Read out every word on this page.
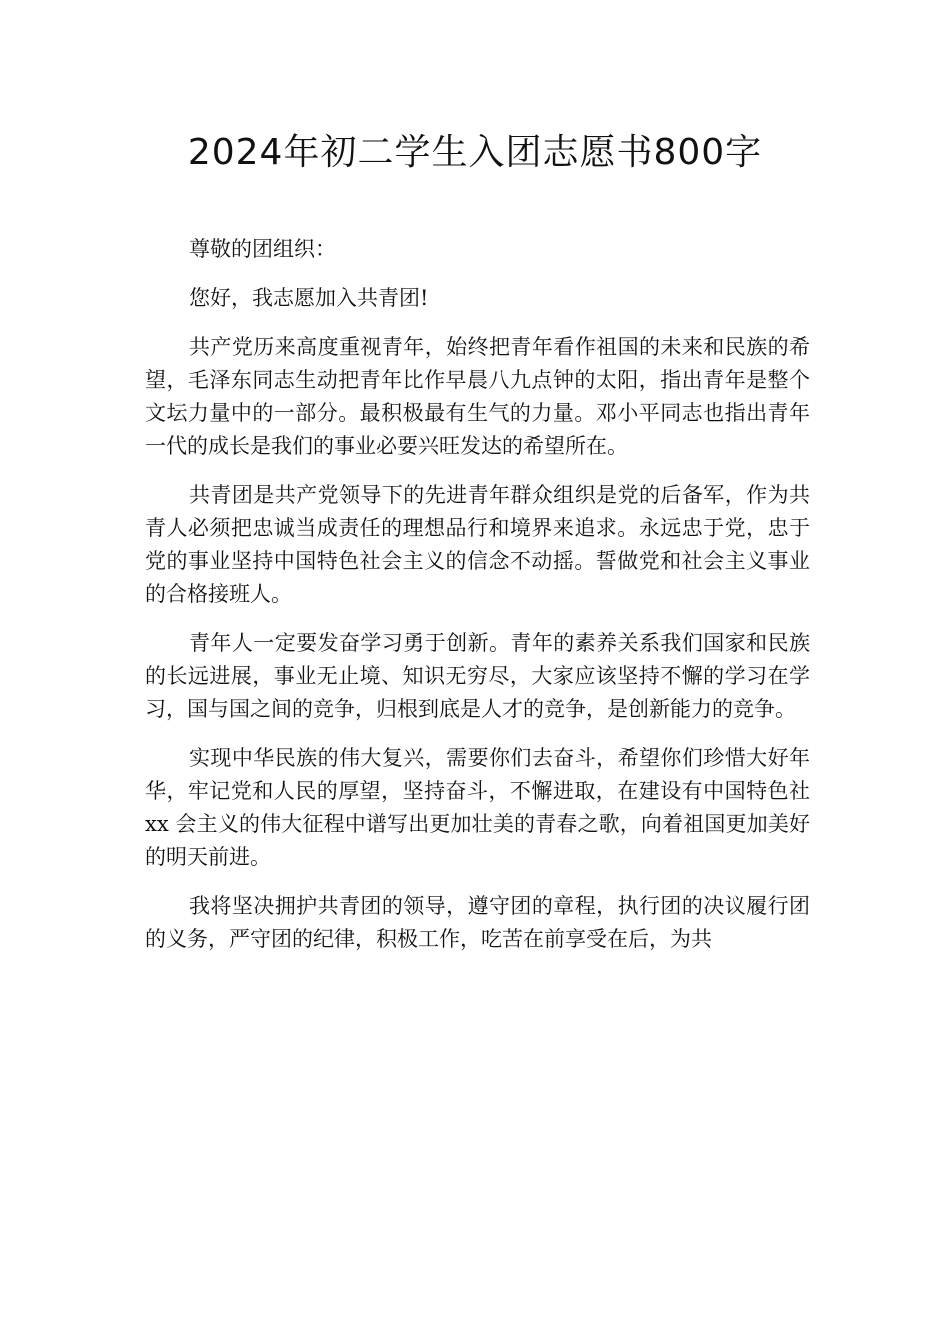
2024年初二学生入团志愿书800字

尊敬的团组织：

您好，我志愿加入共青团!

共产党历来高度重视青年，始终把青年看作祖国的未来和民族的希望，毛泽东同志生动把青年比作早晨八九点钟的太阳，指出青年是整个文坛力量中的一部分。最积极最有生气的力量。邓小平同志也指出青年一代的成长是我们的事业必要兴旺发达的希望所在。

共青团是共产党领导下的先进青年群众组织是党的后备军，作为共青人必须把忠诚当成责任的理想品行和境界来追求。永远忠于党，忠于党的事业坚持中国特色社会主义的信念不动摇。誓做党和社会主义事业的合格接班人。

青年人一定要发奋学习勇于创新。青年的素养关系我们国家和民族的长远进展，事业无止境、知识无穷尽，大家应该坚持不懈的学习在学习，国与国之间的竞争，归根到底是人才的竞争，是创新能力的竞争。

实现中华民族的伟大复兴，需要你们去奋斗，希望你们珍惜大好年华，牢记党和人民的厚望，坚持奋斗，不懈进取，在建设有中国特色社 xx 会主义的伟大征程中谱写出更加壮美的青春之歌，向着祖国更加美好的明天前进。

我将坚决拥护共青团的领导，遵守团的章程，执行团的决议履行团的义务，严守团的纪律，积极工作，吃苦在前享受在后，为共
